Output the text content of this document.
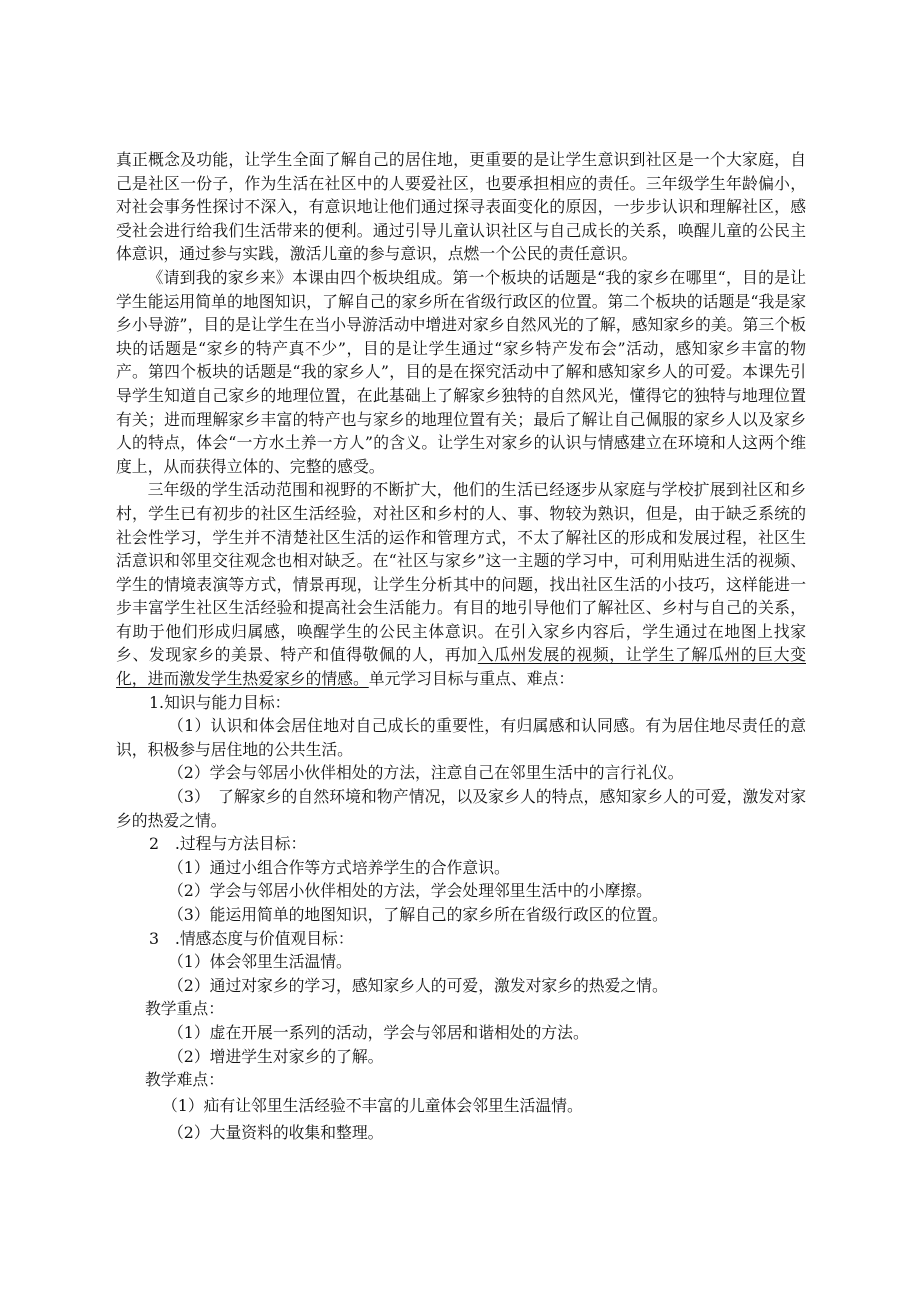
真正概念及功能，让学生全面了解自己的居住地，更重要的是让学生意识到社区是一个大家庭，自己是社区一份子，作为生活在社区中的人要爱社区，也要承担相应的责任。三年级学生年龄偏小，对社会事务性探讨不深入，有意识地让他们通过探寻表面变化的原因，一步步认识和理解社区，感受社会进行给我们生活带来的便利。通过引导儿童认识社区与自己成长的关系，唤醒儿童的公民主体意识，通过参与实践，激活儿童的参与意识，点燃一个公民的责任意识。

《请到我的家乡来》本课由四个板块组成。第一个板块的话题是“我的家乡在哪里“，目的是让学生能运用简单的地图知识，了解自己的家乡所在省级行政区的位置。第二个板块的话题是“我是家乡小导游”，目的是让学生在当小导游活动中增进对家乡自然风光的了解，感知家乡的美。第三个板块的话题是“家乡的特产真不少”，目的是让学生通过“家乡特产发布会”活动，感知家乡丰富的物产。第四个板块的话题是“我的家乡人”，目的是在探究活动中了解和感知家乡人的可爱。本课先引导学生知道自己家乡的地理位置，在此基础上了解家乡独特的自然风光，懂得它的独特与地理位置有关；进而理解家乡丰富的特产也与家乡的地理位置有关；最后了解让自己佩服的家乡人以及家乡人的特点，体会“一方水土养一方人”的含义。让学生对家乡的认识与情感建立在环境和人这两个维度上，从而获得立体的、完整的感受。

三年级的学生活动范围和视野的不断扩大，他们的生活已经逐步从家庭与学校扩展到社区和乡村，学生已有初步的社区生活经验，对社区和乡村的人、事、物较为熟识，但是，由于缺乏系统的社会性学习，学生并不清楚社区生活的运作和管理方式，不太了解社区的形成和发展过程，社区生活意识和邻里交往观念也相对缺乏。在“社区与家乡”这一主题的学习中，可利用贴进生活的视频、学生的情境表演等方式，情景再现，让学生分析其中的问题，找出社区生活的小技巧，这样能进一步丰富学生社区生活经验和提高社会生活能力。有目的地引导他们了解社区、乡村与自己的关系，有助于他们形成归属感，唤醒学生的公民主体意识。在引入家乡内容后，学生通过在地图上找家乡、发现家乡的美景、特产和值得敬佩的人，再加入瓜州发展的视频，让学生了解瓜州的巨大变化，进而激发学生热爱家乡的情感。单元学习目标与重点、难点：

1.知识与能力目标：

（1）认识和体会居住地对自己成长的重要性，有归属感和认同感。有为居住地尽责任的意识，积极参与居住地的公共生活。

（2）学会与邻居小伙伴相处的方法，注意自己在邻里生活中的言行礼仪。

（3）　了解家乡的自然环境和物产情况，以及家乡人的特点，感知家乡人的可爱，激发对家乡的热爱之情。

2　.过程与方法目标：

（1）通过小组合作等方式培养学生的合作意识。

（2）学会与邻居小伙伴相处的方法，学会处理邻里生活中的小摩擦。

（3）能运用简单的地图知识，了解自己的家乡所在省级行政区的位置。

3　.情感态度与价值观目标：

（1）体会邻里生活温情。

（2）通过对家乡的学习，感知家乡人的可爱，激发对家乡的热爱之情。

教学重点：

（1）虚在开展一系列的活动，学会与邻居和谐相处的方法。

（2）增进学生对家乡的了解。

教学难点：

（1）疝有让邻里生活经验不丰富的儿童体会邻里生活温情。

（2）大量资料的收集和整理。
